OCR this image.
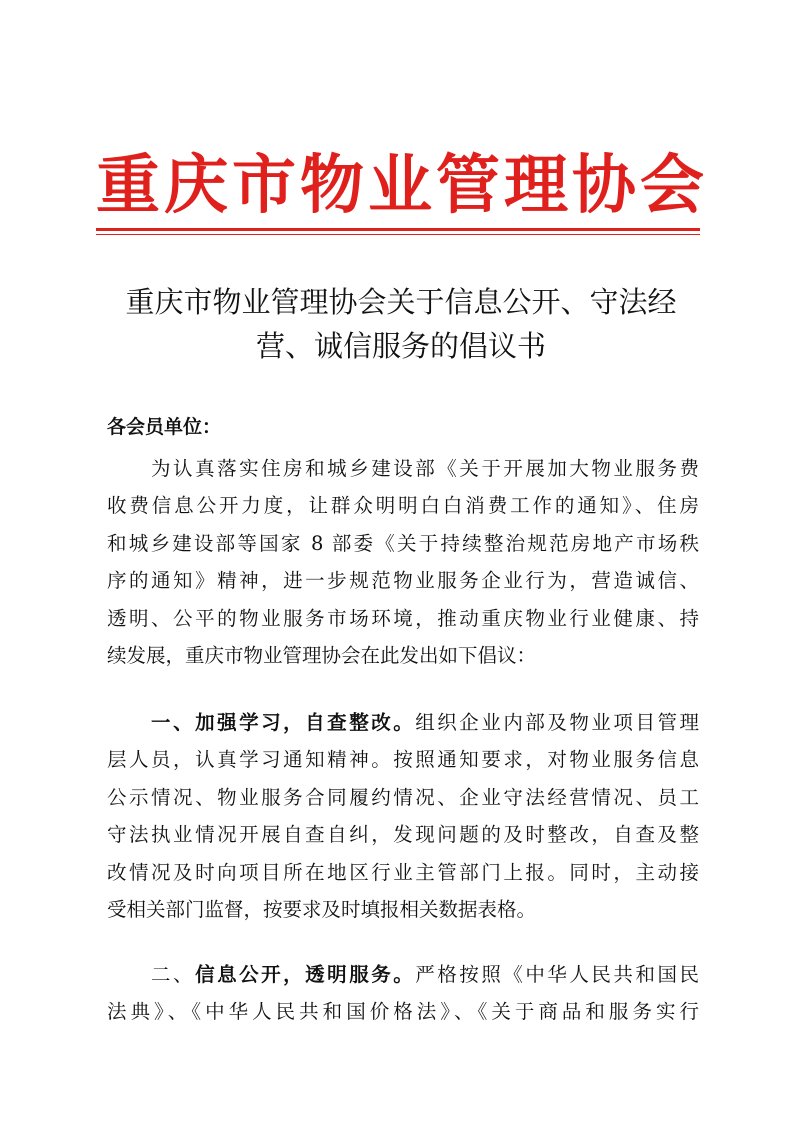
重庆市物业管理协会
重庆市物业管理协会关于信息公开、守法经
营、诚信服务的倡议书
各会员单位：
　　为认真落实住房和城乡建设部《关于开展加大物业服务费
收费信息公开力度，让群众明明白白消费工作的通知》、住房
和城乡建设部等国家 8 部委《关于持续整治规范房地产市场秩
序的通知》精神，进一步规范物业服务企业行为，营造诚信、
透明、公平的物业服务市场环境，推动重庆物业行业健康、持
续发展，重庆市物业管理协会在此发出如下倡议：
　　一、加强学习，自查整改。组织企业内部及物业项目管理
层人员，认真学习通知精神。按照通知要求，对物业服务信息
公示情况、物业服务合同履约情况、企业守法经营情况、员工
守法执业情况开展自查自纠，发现问题的及时整改，自查及整
改情况及时向项目所在地区行业主管部门上报。同时，主动接
受相关部门监督，按要求及时填报相关数据表格。
　　二、信息公开，透明服务。严格按照《中华人民共和国民
法典》、《中华人民共和国价格法》、《关于商品和服务实行
